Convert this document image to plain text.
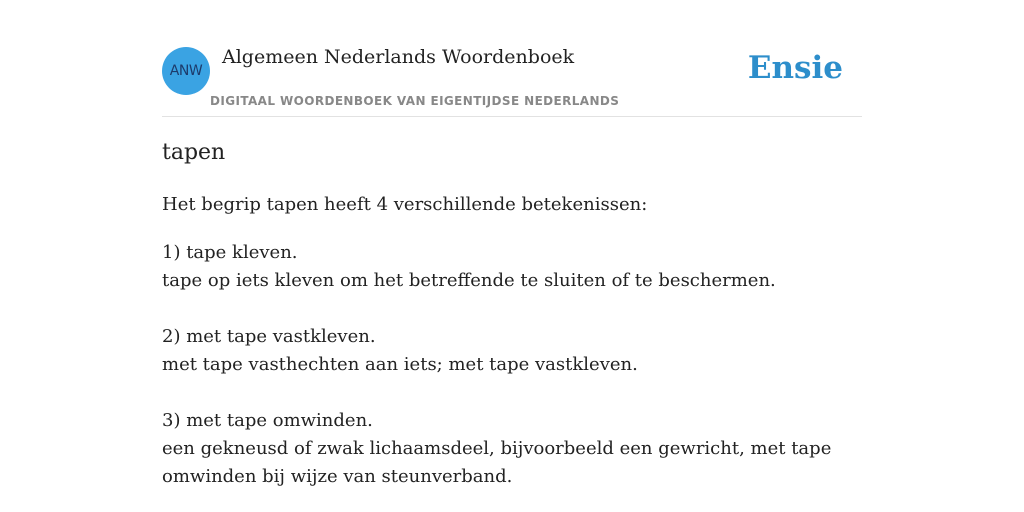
ANW
Algemeen Nederlands Woordenboek
DIGITAAL WOORDENBOEK VAN EIGENTIJDSE NEDERLANDS
Ensie
tapen

Het begrip tapen heeft 4 verschillende betekenissen:

1) tape kleven.
tape op iets kleven om het betreffende te sluiten of te beschermen.
2) met tape vastkleven.
met tape vasthechten aan iets; met tape vastkleven.
3) met tape omwinden.
een gekneusd of zwak lichaamsdeel, bijvoorbeeld een gewricht, met tape omwinden bij wijze van steunverband.
